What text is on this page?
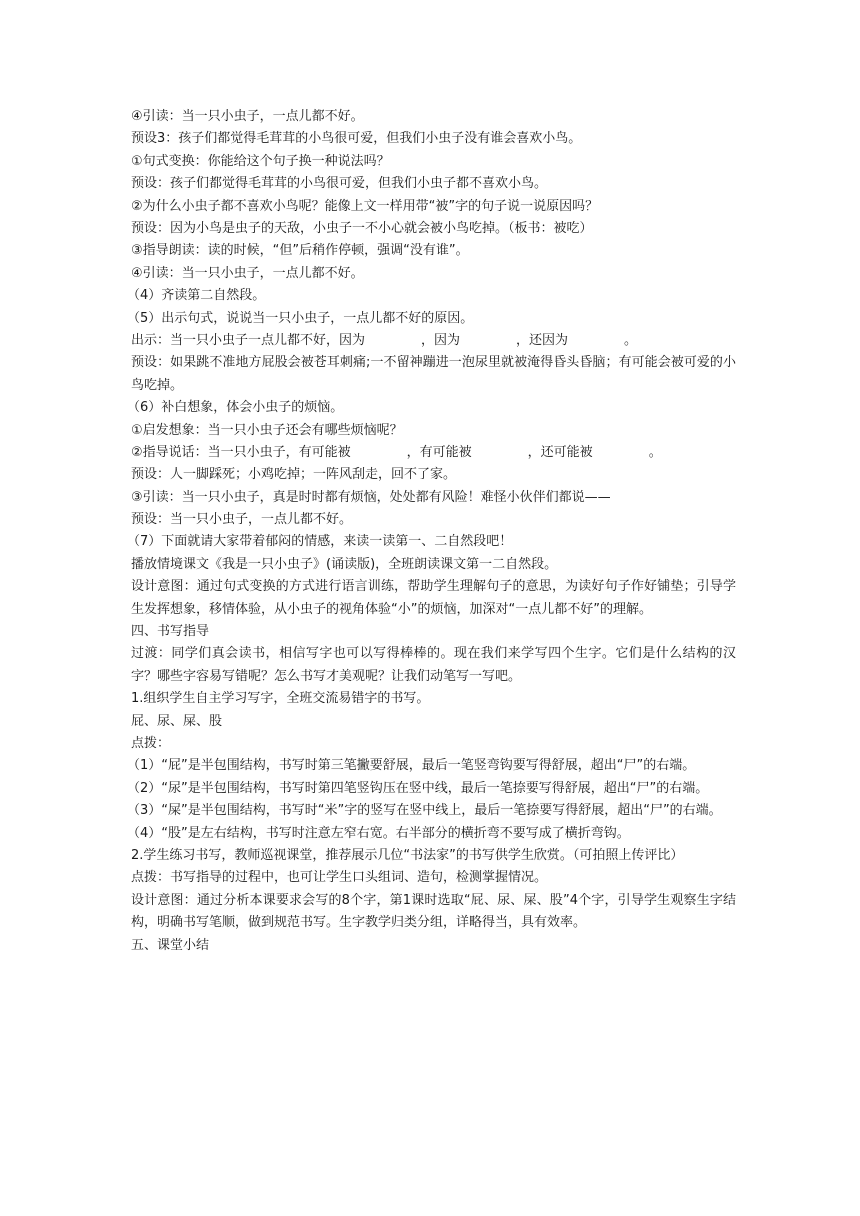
④引读：当一只小虫子，一点儿都不好。
预设3：孩子们都觉得毛茸茸的小鸟很可爱，但我们小虫子没有谁会喜欢小鸟。
①句式变换：你能给这个句子换一种说法吗？
预设：孩子们都觉得毛茸茸的小鸟很可爱，但我们小虫子都不喜欢小鸟。
②为什么小虫子都不喜欢小鸟呢？能像上文一样用带“被”字的句子说一说原因吗？
预设：因为小鸟是虫子的天敌，小虫子一不小心就会被小鸟吃掉。（板书：被吃）
③指导朗读：读的时候，“但”后稍作停顿，强调“没有谁”。
④引读：当一只小虫子，一点儿都不好。
（4）齐读第二自然段。
（5）出示句式，说说当一只小虫子，一点儿都不好的原因。
出示：当一只小虫子一点儿都不好，因为	，因为	，还因为	。
预设：如果跳不准地方屁股会被苍耳刺痛;一不留神蹦进一泡尿里就被淹得昏头昏脑；有可能会被可爱的小鸟吃掉。
（6）补白想象，体会小虫子的烦恼。
①启发想象：当一只小虫子还会有哪些烦恼呢？
②指导说话：当一只小虫子，有可能被	，有可能被	，还可能被	。
预设：人一脚踩死；小鸡吃掉；一阵风刮走，回不了家。
③引读：当一只小虫子，真是时时都有烦恼，处处都有风险！难怪小伙伴们都说——
预设：当一只小虫子，一点儿都不好。
（7）下面就请大家带着郁闷的情感，来读一读第一、二自然段吧！
播放情境课文《我是一只小虫子》(诵读版)，全班朗读课文第一二自然段。
设计意图：通过句式变换的方式进行语言训练，帮助学生理解句子的意思，为读好句子作好铺垫；引导学生发挥想象，移情体验，从小虫子的视角体验“小”的烦恼，加深对“一点儿都不好”的理解。
四、书写指导
过渡：同学们真会读书，相信写字也可以写得棒棒的。现在我们来学写四个生字。它们是什么结构的汉字？哪些字容易写错呢？怎么书写才美观呢？让我们动笔写一写吧。
1.组织学生自主学习写字，全班交流易错字的书写。
屁、尿、屎、股
点拨：
（1）“屁”是半包围结构，书写时第三笔撇要舒展，最后一笔竖弯钩要写得舒展，超出“尸”的右端。
（2）“尿”是半包围结构，书写时第四笔竖钩压在竖中线，最后一笔捺要写得舒展，超出“尸”的右端。
（3）“屎”是半包围结构，书写时“米”字的竖写在竖中线上，最后一笔捺要写得舒展，超出“尸”的右端。
（4）“股”是左右结构，书写时注意左窄右宽。右半部分的横折弯不要写成了横折弯钩。
2.学生练习书写，教师巡视课堂，推荐展示几位“书法家”的书写供学生欣赏。（可拍照上传评比）
点拨：书写指导的过程中，也可让学生口头组词、造句，检测掌握情况。
设计意图：通过分析本课要求会写的8个字，第1课时选取“屁、尿、屎、股”4个字，引导学生观察生字结构，明确书写笔顺，做到规范书写。生字教学归类分组，详略得当，具有效率。
五、课堂小结
